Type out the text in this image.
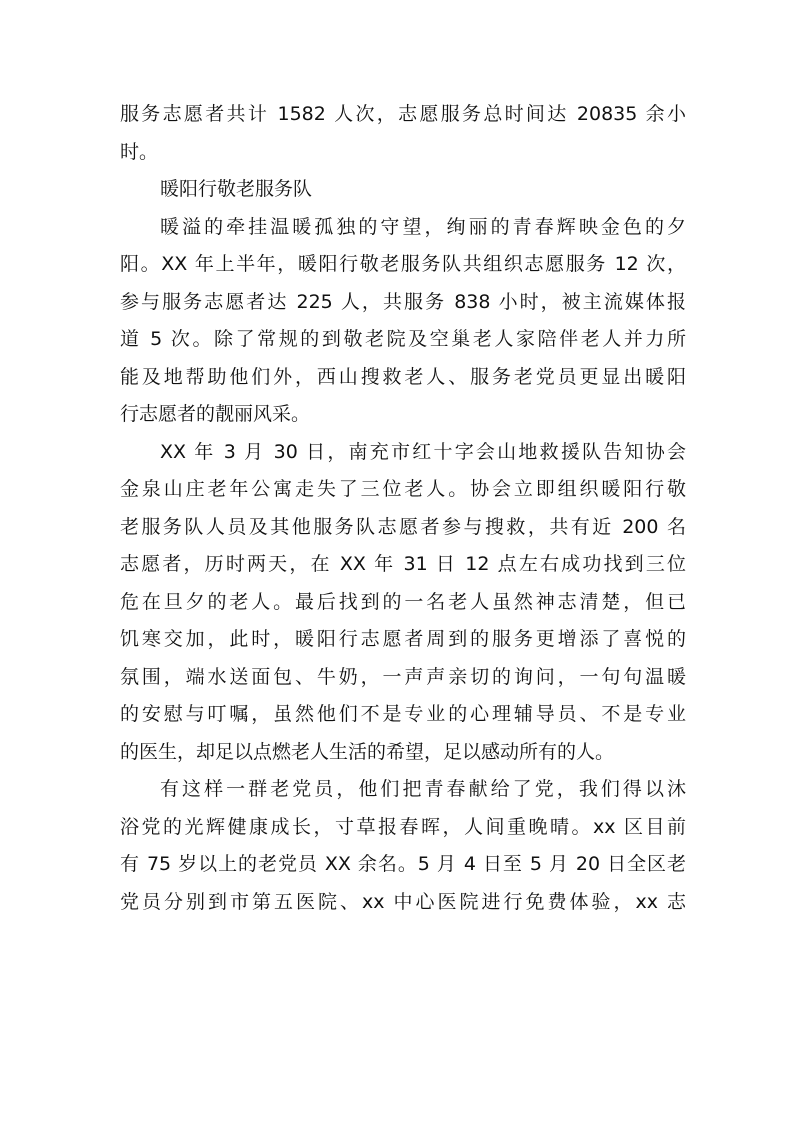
服务志愿者共计 1582 人次，志愿服务总时间达 20835 余小
时。
暖阳行敬老服务队
暖溢的牵挂温暖孤独的守望，绚丽的青春辉映金色的夕
阳。XX 年上半年，暖阳行敬老服务队共组织志愿服务 12 次，
参与服务志愿者达 225 人，共服务 838 小时，被主流媒体报
道 5 次。除了常规的到敬老院及空巢老人家陪伴老人并力所
能及地帮助他们外，西山搜救老人、服务老党员更显出暖阳
行志愿者的靓丽风采。
XX 年 3 月 30 日，南充市红十字会山地救援队告知协会
金泉山庄老年公寓走失了三位老人。协会立即组织暖阳行敬
老服务队人员及其他服务队志愿者参与搜救，共有近 200 名
志愿者，历时两天，在 XX 年 31 日 12 点左右成功找到三位
危在旦夕的老人。最后找到的一名老人虽然神志清楚，但已
饥寒交加，此时，暖阳行志愿者周到的服务更增添了喜悦的
氛围，端水送面包、牛奶，一声声亲切的询问，一句句温暖
的安慰与叮嘱，虽然他们不是专业的心理辅导员、不是专业
的医生，却足以点燃老人生活的希望，足以感动所有的人。
有这样一群老党员，他们把青春献给了党，我们得以沐
浴党的光辉健康成长，寸草报春晖，人间重晚晴。xx 区目前
有 75 岁以上的老党员 XX 余名。5 月 4 日至 5 月 20 日全区老
党员分别到市第五医院、xx 中心医院进行免费体验，xx 志
